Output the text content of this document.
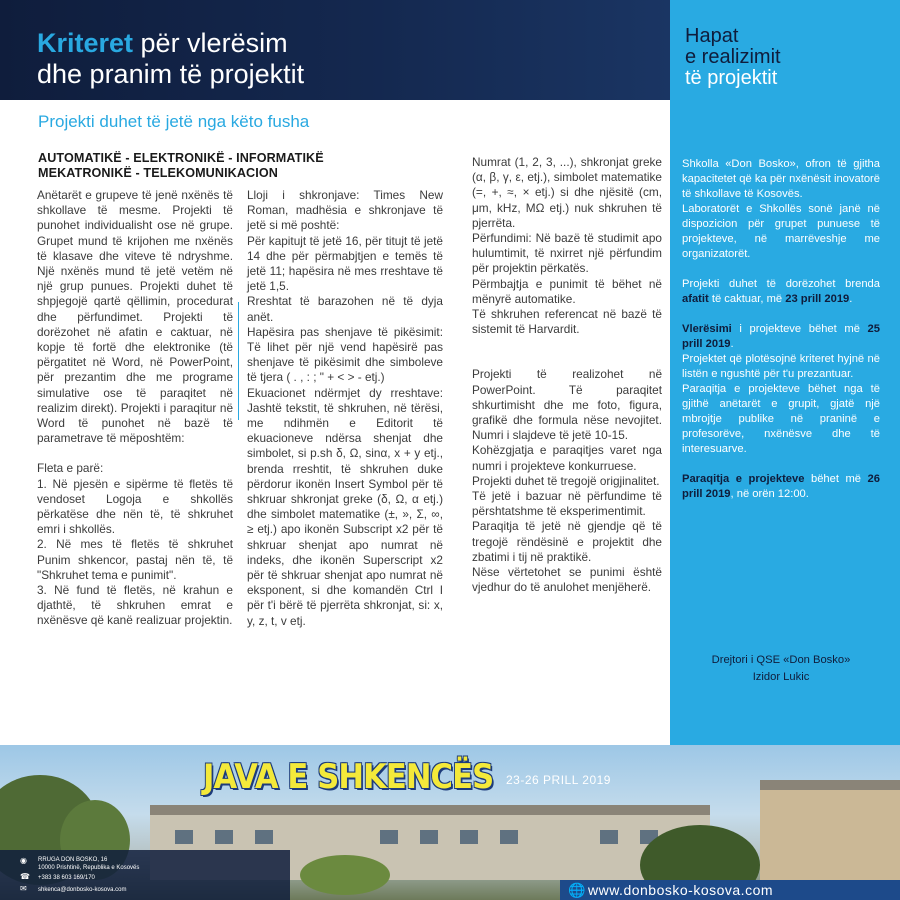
Kriteret për vlerësim
dhe pranim të projektit
Hapat
e realizimit
të projektit

Shkolla «Don Bosko», ofron të gjitha kapacitetet që ka për nxënësit inovatorë të shkollave të Kosovës.

Laboratorët e Shkollës sonë janë në dispozicion për grupet punuese të projekteve, në marrëveshje me organizatorët.

Projekti duhet të dorëzohet brenda afatit të caktuar, më 23 prill 2019.

Vlerësimi i projekteve bëhet më 25 prill 2019.

Projektet që plotësojnë kriteret hyjnë në listën e ngushtë për t'u prezantuar.

Paraqitja e projekteve bëhet nga të gjithë anëtarët e grupit, gjatë një mbrojtje publike në praninë e profesorëve, nxënësve dhe të interesuarve.

Paraqitja e projekteve bëhet më 26 prill 2019, në orën 12:00.

Drejtori i QSE «Don Bosko»
Izidor Lukic
Projekti duhet të jetë nga këto fusha
AUTOMATIKË - ELEKTRONIKË - INFORMATIKË
MEKATRONIKË - TELEKOMUNIKACION

Anëtarët e grupeve të jenë nxënës të shkollave të mesme. Projekti të punohet individualisht ose në grupe. Grupet mund të krijohen me nxënës të klasave dhe viteve të ndryshme. Një nxënës mund të jetë vetëm në një grup punues. Projekti duhet të shpjegojë qartë qëllimin, procedurat dhe përfundimet. Projekti të dorëzohet në afatin e caktuar, në kopje të fortë dhe elektronike (të përgatitet në Word, në PowerPoint, për prezantim dhe me programe simulative ose të paraqitet në realizim direkt). Projekti i paraqitur në Word të punohet në bazë të parametrave të mëposhtëm:

Fleta e parë:

1. Në pjesën e sipërme të fletës të vendoset Logoja e shkollës përkatëse dhe nën të, të shkruhet emri i shkollës.

2. Në mes të fletës të shkruhet Punim shkencor, pastaj nën të, të "Shkruhet tema e punimit".

3. Në fund të fletës, në krahun e djathtë, të shkruhen emrat e nxënësve që kanë realizuar projektin.

Lloji i shkronjave: Times New Roman, madhësia e shkronjave të jetë si më poshtë:

Për kapitujt të jetë 16, për titujt të jetë 14 dhe për përmabjtjen e temës të jetë 11; hapësira në mes rreshtave të jetë 1,5.

Rreshtat të barazohen në të dyja anët.

Hapësira pas shenjave të pikësimit: Të lihet për një vend hapësirë pas shenjave të pikësimit dhe simboleve të tjera ( . , : ; " + < > - etj.)

Ekuacionet ndërmjet dy rreshtave: Jashtë tekstit, të shkruhen, në tërësi, me ndihmën e Editorit të ekuacioneve ndërsa shenjat dhe simbolet, si p.sh δ, Ω, sinα, x + y etj., brenda rreshtit, të shkruhen duke përdorur ikonën Insert Symbol për të shkruar shkronjat greke (δ, Ω, α etj.) dhe simbolet matematike (±, », Σ, ∞, ≥ etj.) apo ikonën Subscript x2 për të shkruar shenjat apo numrat në indeks, dhe ikonën Superscript x2 për të shkruar shenjat apo numrat në eksponent, si dhe komandën Ctrl I për t'i bërë të pjerrëta shkronjat, si: x, y, z, t, v etj.

Numrat (1, 2, 3, ...), shkronjat greke (α, β, γ, ε, etj.), simbolet matematike (=, +, ≈, × etj.) si dhe njësitë (cm, μm, kHz, MΩ etj.) nuk shkruhen të pjerrëta.

Përfundimi: Në bazë të studimit apo hulumtimit, të nxirret një përfundim për projektin përkatës.

Përmbajtja e punimit të bëhet në mënyrë automatike.

Të shkruhen referencat në bazë të sistemit të Harvardit.

Projekti të realizohet në PowerPoint. Të paraqitet shkurtimisht dhe me foto, figura, grafikë dhe formula nëse nevojitet. Numri i slajdeve të jetë 10-15.

Kohëzgjatja e paraqitjes varet nga numri i projekteve konkurruese.

Projekti duhet të tregojë origjinalitet.

Të jetë i bazuar në përfundime të përshtatshme të eksperimentimit.

Paraqitja të jetë në gjendje që të tregojë rëndësinë e projektit dhe zbatimi i tij në praktikë.

Nëse vërtetohet se punimi është vjedhur do të anulohet menjëherë.

JAVA E SHKENCËS 23-26 PRILL 2019
◉	RRUGA DON BOSKO, 16
10000 Prishtinë, Republika e Kosovës
☎ +383 38 603 169/170
✉	shkenca@donbosko-kosova.com	🌐 www.donbosko-kosova.com
